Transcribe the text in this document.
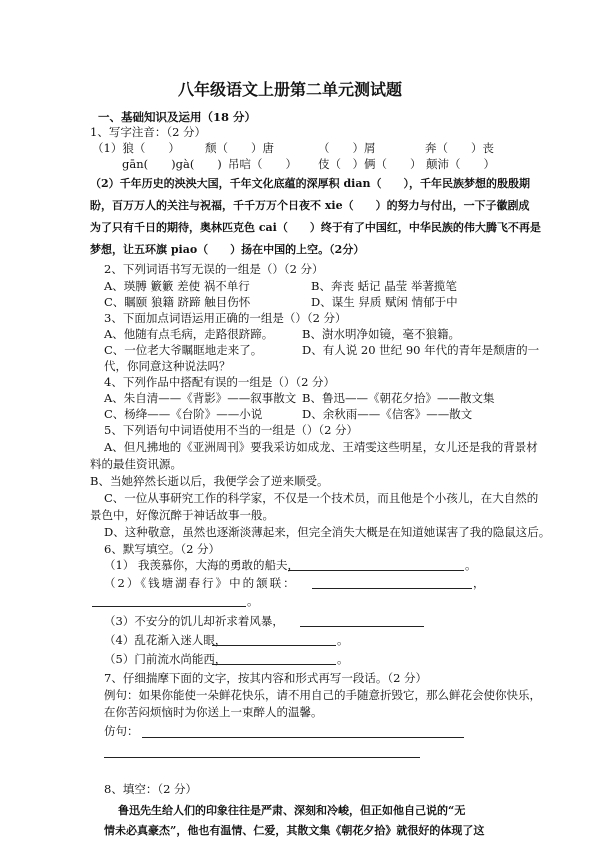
八年级语文上册第二单元测试题
一、基础知识及运用（18 分）
1、写字注音：（2 分）
（1）狼（　　） 颓（　　）唐	（　　）屑	奔（　　）丧
gān(　　)gà(　　) 吊唁（　　） 伎（　）俩（　　） 颠沛（　　）
（2）千年历史的泱泱大国，千年文化底蕴的深厚积 dian（　　），千年民族梦想的殷殷期
盼，百万万人的关注与祝福，千千万万个日夜不 xie（　　）的努力与付出，一下子徽剧成
为了只有千日的期待，奥林匹克色 cai（　　）终于有了中国红，中华民族的伟大腾飞不再是
梦想，让五环旗 piao（　　）扬在中国的上空。（2分）
2、下列词语书写无误的一组是（）（2 分）
A、瑛膊 籔籔 差使 祸不单行	B、奔丧 蛞记 晶莹 举著揽笔
C、瞩颐 狼籍 跻蹄 触目伤怀	D、谋生 舁质 赋闲 情郁于中
3、下面加点词语运用正确的一组是（）（2 分）
A、他随有点毛病，走路很跻蹄。 B、澍水明净如镜，毫不狼籍。
C、一位老大爷瞩眶地走来了。	D、有人说 20 世纪 90 年代的青年是颓唐的一
代，你同意这种说法吗？
4、下列作品中搭配有误的一组是（）（2 分）
A、朱自清——《背影》——叙事散文 B、鲁迅——《朝花夕拾》——散文集
C、杨绛——《台阶》——小说	D、余秋雨——《信客》——散文
5、下列语句中词语使用不当的一组是（）（2 分）
A、但凡拂地的《亚洲周刊》要我采访如成龙、王靖雯这些明星，女儿还是我的背景材
料的最佳资讯源。
B、当她猝然长逝以后，我便学会了逆来顺受。
C、一位从事研究工作的科学家，不仅是一个技术员，而且他是个小孩儿，在大自然的
景色中，好像沉醉于神话故事一般。
D、这种敬意，虽然也逐渐淡薄起来，但完全消失大概是在知道她谋害了我的隐鼠这后。
6、默写填空。（2 分）
（1） 我羡慕你，大海的勇敢的船夫，	。
（2）《钱塘湖春行》中的颔联：	，
。
（3）不安分的饥儿却祈求着风暴，
（4）乱花渐入迷人眼，	。
（5）门前流水尚能西，	。
7、仔细揣摩下面的文字，按其内容和形式再写一段话。（2 分）
例句：如果你能使一朵鲜花快乐，请不用自己的手随意折毁它，那么鲜花会使你快乐，
在你苦闷烦恼时为你送上一束醉人的温馨。
仿句：
8、填空：（2 分）
鲁迅先生给人们的印象往往是严肃、深刻和冷峻，但正如他自己说的“无
情未必真豪杰”，他也有温情、仁爱，其散文集《朝花夕拾》就很好的体现了这
